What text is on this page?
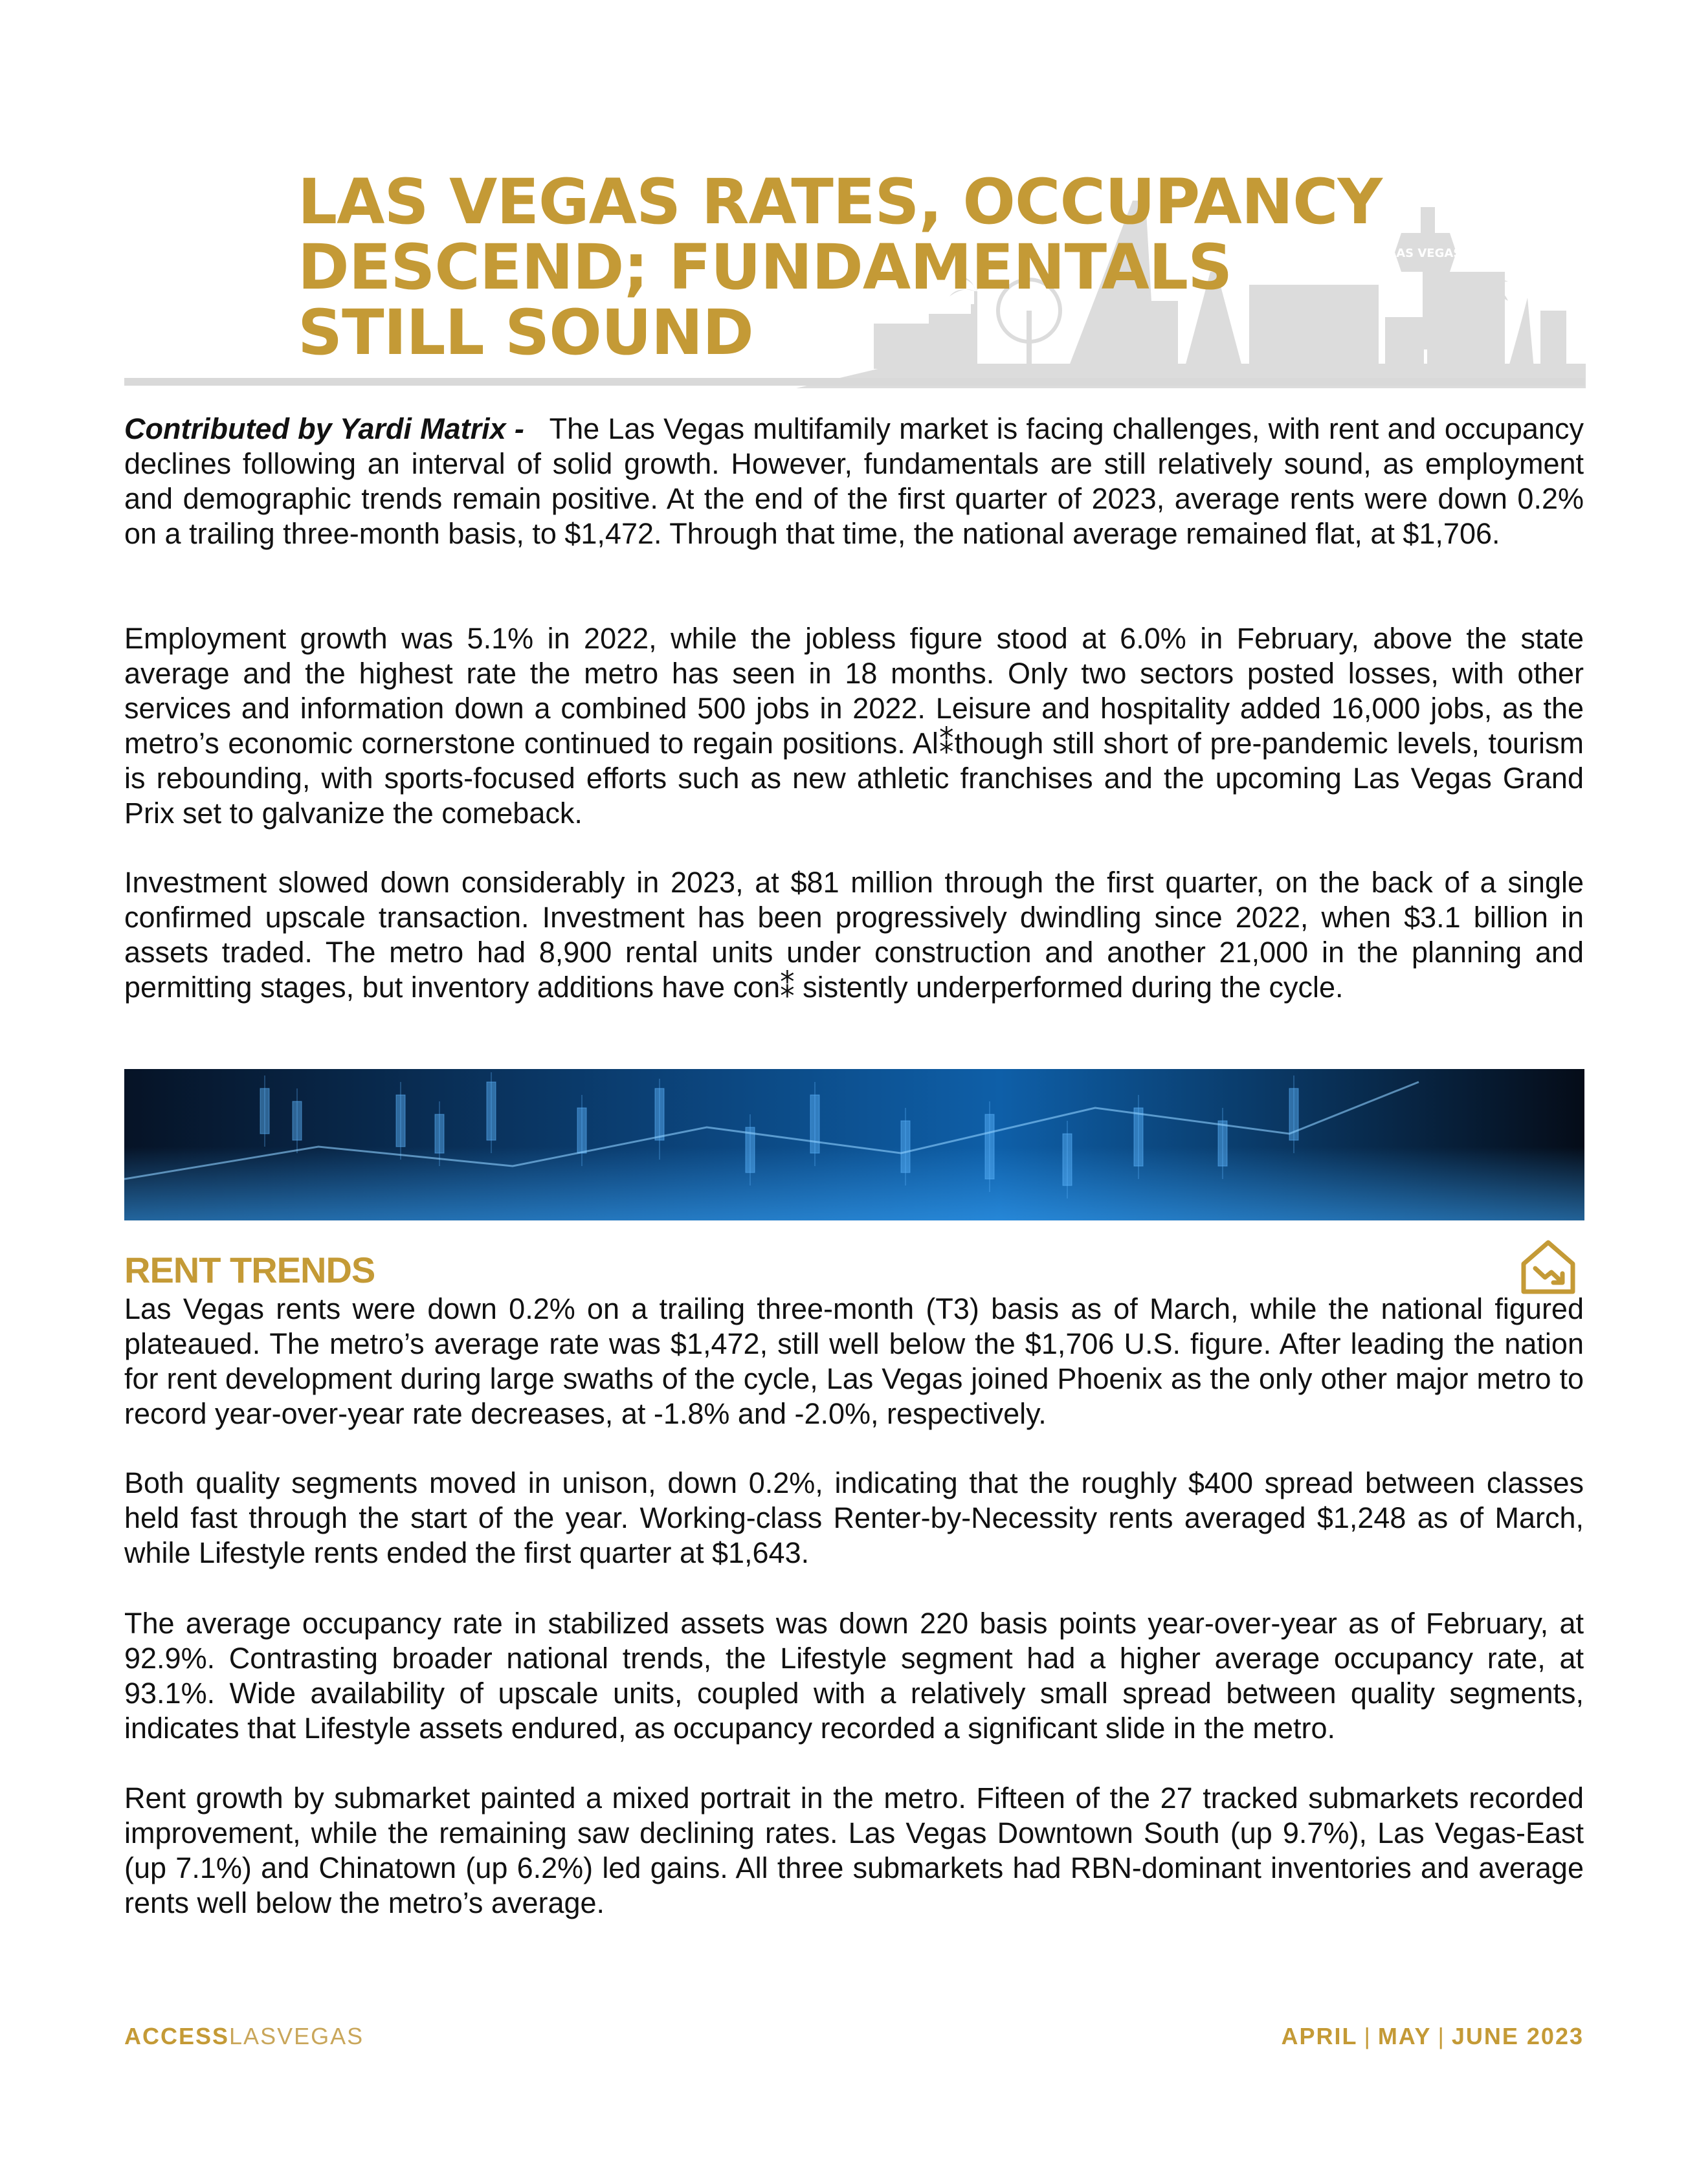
LAS VEGAS
LAS VEGAS RATES, OCCUPANCY
DESCEND; FUNDAMENTALS
STILL SOUND

Contributed by Yardi Matrix - The Las Vegas multifamily market is facing challenges, with rent and occupancy declines following an interval of solid growth. However, fundamentals are still relatively sound, as employment and demographic trends remain positive. At the end of the first quarter of 2023, average rents were down 0.2% on a trailing three-month basis, to $1,472. Through that time, the national average remained flat, at $1,706.

Employment growth was 5.1% in 2022, while the jobless figure stood at 6.0% in February, above the state average and the highest rate the metro has seen in 18 months. Only two sectors posted losses, with other services and information down a combined 500 jobs in 2022. Leisure and hospitality added 16,000 jobs, as the metro’s economic cornerstone continued to regain positions. Al⁑though still short of pre-pandemic levels, tourism is rebounding, with sports-focused efforts such as new athletic franchises and the upcoming Las Vegas Grand Prix set to galvanize the comeback.

Investment slowed down considerably in 2023, at $81 million through the first quarter, on the back of a single confirmed upscale transaction. Investment has been progressively dwindling since 2022, when $3.1 billion in assets traded. The metro had 8,900 rental units under construction and another 21,000 in the planning and permitting stages, but inventory additions have con⁑ sistently underperformed during the cycle.

RENT TRENDS

Las Vegas rents were down 0.2% on a trailing three-month (T3) basis as of March, while the national figured plateaued. The metro’s average rate was $1,472, still well below the $1,706 U.S. figure. After leading the nation for rent development during large swaths of the cycle, Las Vegas joined Phoenix as the only other major metro to record year-over-year rate decreases, at -1.8% and -2.0%, respectively.

Both quality segments moved in unison, down 0.2%, indicating that the roughly $400 spread between classes held fast through the start of the year. Working-class Renter-by-Necessity rents averaged $1,248 as of March, while Lifestyle rents ended the first quarter at $1,643.

The average occupancy rate in stabilized assets was down 220 basis points year-over-year as of February, at 92.9%. Contrasting broader national trends, the Lifestyle segment had a higher average occupancy rate, at 93.1%. Wide availability of upscale units, coupled with a relatively small spread between quality segments, indicates that Lifestyle assets endured, as occupancy recorded a significant slide in the metro.

Rent growth by submarket painted a mixed portrait in the metro. Fifteen of the 27 tracked submarkets recorded improvement, while the remaining saw declining rates. Las Vegas Downtown South (up 9.7%), Las Vegas-East (up 7.1%) and Chinatown (up 6.2%) led gains. All three submarkets had RBN-dominant inventories and average rents well below the metro’s average.

ACCESSLASVEGAS	APRIL | MAY | JUNE 2023
